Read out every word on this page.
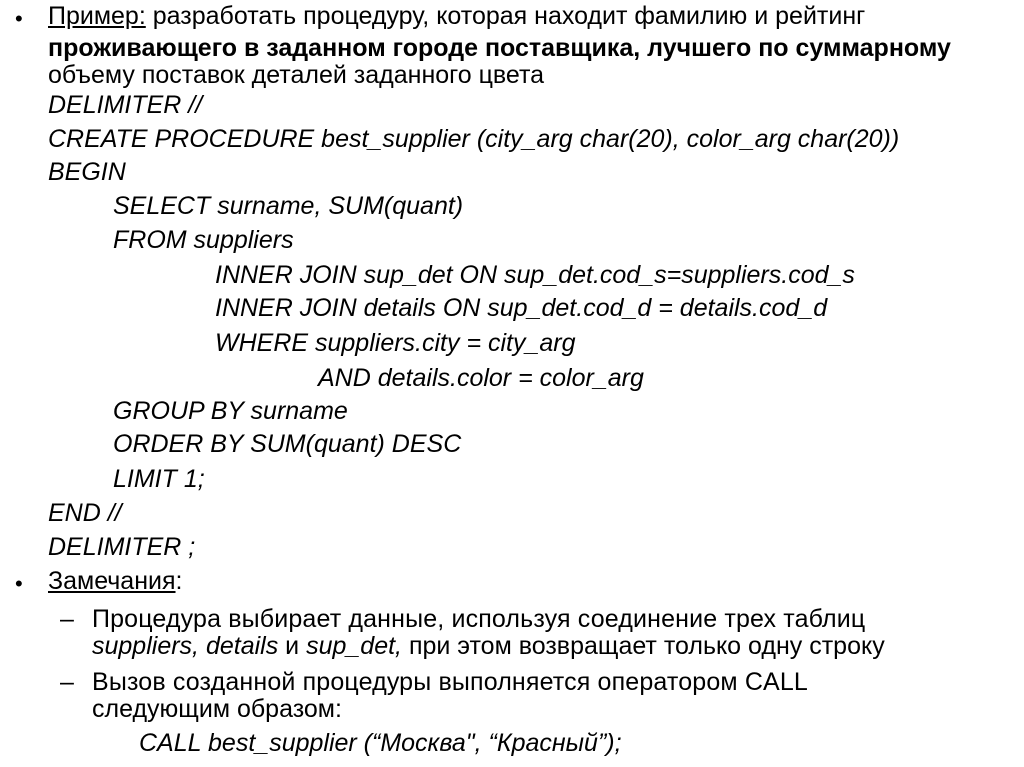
• Пример: разработать процедуру, которая находит фамилию и рейтинг
проживающего в заданном городе поставщика, лучшего по суммарному
объему поставок деталей заданного цвета
DELIMITER //
CREATE PROCEDURE best_supplier (city_arg char(20), color_arg char(20))
BEGIN
SELECT surname, SUM(quant)
FROM suppliers
INNER JOIN sup_det ON sup_det.cod_s=suppliers.cod_s
INNER JOIN details ON sup_det.cod_d = details.cod_d
WHERE suppliers.city = city_arg
AND details.color = color_arg
GROUP BY surname
ORDER BY SUM(quant) DESC
LIMIT 1;
END //
DELIMITER ;
• Замечания:
– Процедура выбирает данные, используя соединение трех таблиц
suppliers, details и sup_det, при этом возвращает только одну строку
– Вызов созданной процедуры выполняется оператором CALL
следующим образом:
CALL best_supplier (“Москва", “Красный”);
